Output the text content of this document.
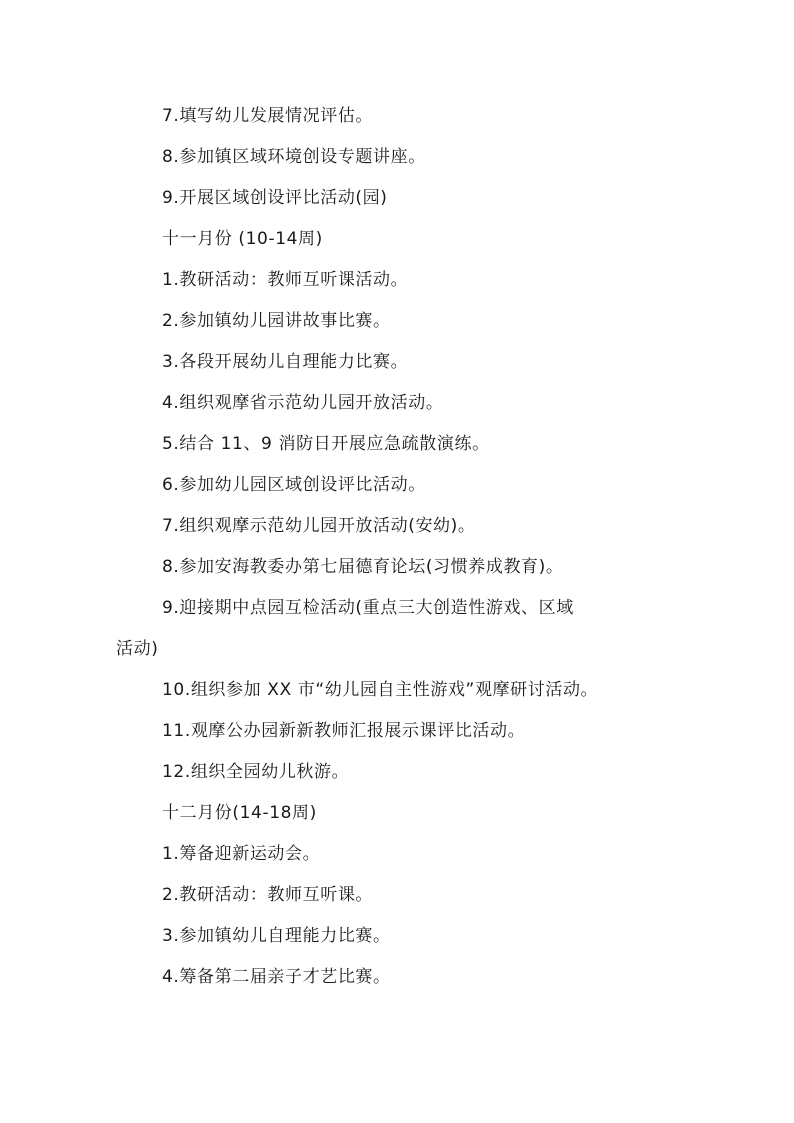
7.填写幼儿发展情况评估。
8.参加镇区域环境创设专题讲座。
9.开展区域创设评比活动(园)
十一月份 (10-14周)
1.教研活动：教师互听课活动。
2.参加镇幼儿园讲故事比赛。
3.各段开展幼儿自理能力比赛。
4.组织观摩省示范幼儿园开放活动。
5.结合 11、9 消防日开展应急疏散演练。
6.参加幼儿园区域创设评比活动。
7.组织观摩示范幼儿园开放活动(安幼)。
8.参加安海教委办第七届德育论坛(习惯养成教育)。
9.迎接期中点园互检活动(重点三大创造性游戏、区域
活动)
10.组织参加 XX 市“幼儿园自主性游戏”观摩研讨活动。
11.观摩公办园新新教师汇报展示课评比活动。
12.组织全园幼儿秋游。
十二月份(14-18周)
1.筹备迎新运动会。
2.教研活动：教师互听课。
3.参加镇幼儿自理能力比赛。
4.筹备第二届亲子才艺比赛。
